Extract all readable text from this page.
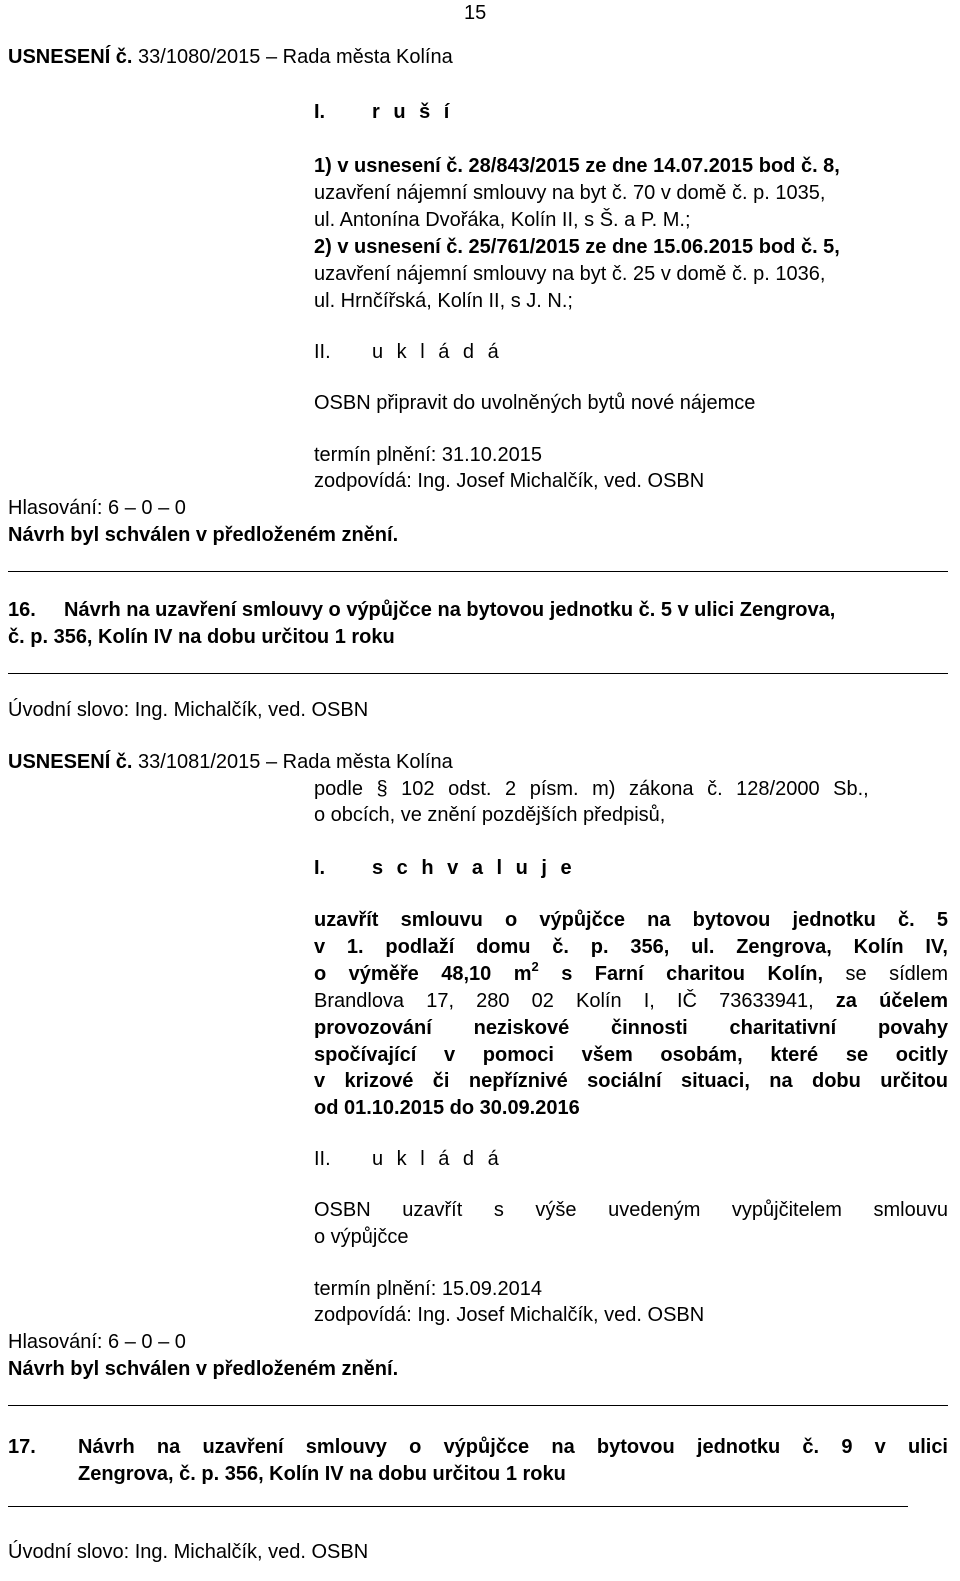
15
USNESENÍ č. 33/1080/2015 – Rada města Kolína
I. r u š í
1) v usnesení č. 28/843/2015 ze dne 14.07.2015 bod č. 8,
uzavření nájemní smlouvy na byt č. 70 v domě č. p. 1035,
ul. Antonína Dvořáka, Kolín II, s Š. a P. M.;
2) v usnesení č. 25/761/2015 ze dne 15.06.2015 bod č. 5,
uzavření nájemní smlouvy na byt č. 25 v domě č. p. 1036,
ul. Hrnčířská, Kolín II, s J. N.;
II. u k l á d á
OSBN připravit do uvolněných bytů nové nájemce
termín plnění: 31.10.2015
zodpovídá: Ing. Josef Michalčík, ved. OSBN
Hlasování: 6 – 0 – 0
Návrh byl schválen v předloženém znění.
16. Návrh na uzavření smlouvy o výpůjčce na bytovou jednotku č. 5 v ulici Zengrova,
č. p. 356, Kolín IV na dobu určitou 1 roku
Úvodní slovo: Ing. Michalčík, ved. OSBN
USNESENÍ č. 33/1081/2015 – Rada města Kolína
podle § 102 odst. 2 písm. m) zákona č. 128/2000 Sb.,
o obcích, ve znění pozdějších předpisů,
I. s c h v a l u j e
uzavřít smlouvu o výpůjčce na bytovou jednotku č. 5
v 1. podlaží domu č. p. 356, ul. Zengrova, Kolín IV,
o výměře 48,10 $m^2$ s Farní charitou Kolín, se sídlem
Brandlova 17, 280 02 Kolín I, IČ 73633941, za účelem
provozování neziskové činnosti charitativní povahy
spočívající v pomoci všem osobám, které se ocitly
v krizové či nepříznivé sociální situaci, na dobu určitou
od 01.10.2015 do 30.09.2016
II. u k l á d á
OSBN uzavřít s výše uvedeným vypůjčitelem smlouvu
o výpůjčce
termín plnění: 15.09.2014
zodpovídá: Ing. Josef Michalčík, ved. OSBN
Hlasování: 6 – 0 – 0
Návrh byl schválen v předloženém znění.
17. Návrh na uzavření smlouvy o výpůjčce na bytovou jednotku č. 9 v ulici
Zengrova, č. p. 356, Kolín IV na dobu určitou 1 roku
Úvodní slovo: Ing. Michalčík, ved. OSBN
